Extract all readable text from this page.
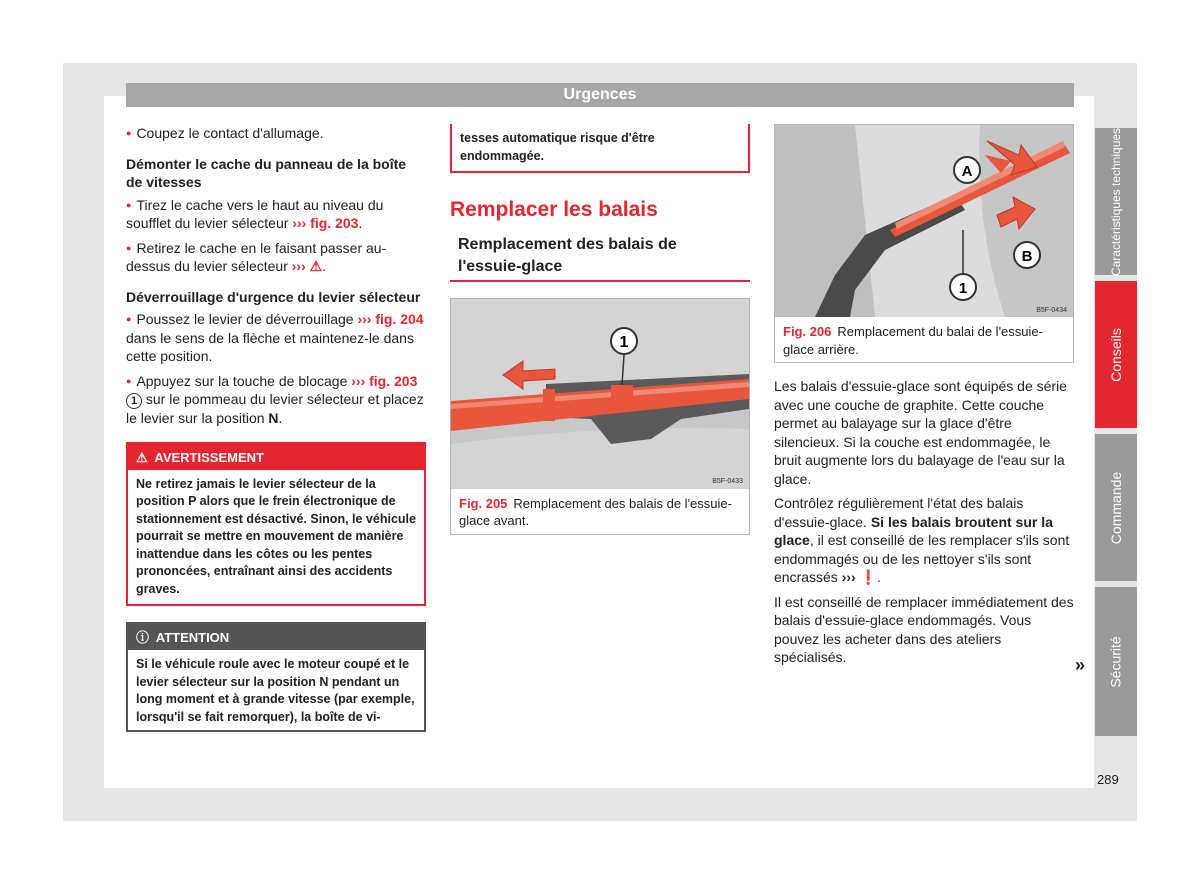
Urgences

● Coupez le contact d'allumage.

Démonter le cache du panneau de la boîte de vitesses

● Tirez le cache vers le haut au niveau du soufflet du levier sélecteur ››› fig. 203.

● Retirez le cache en le faisant passer au-dessus du levier sélecteur ››› ⚠.

Déverrouillage d'urgence du levier sélecteur

● Poussez le levier de déverrouillage ››› fig. 204 dans le sens de la flèche et maintenez-le dans cette position.

● Appuyez sur la touche de blocage ››› fig. 203 1 sur le pommeau du levier sélecteur et placez le levier sur la position N.

⚠ AVERTISSEMENT
Ne retirez jamais le levier sélecteur de la position P alors que le frein électronique de stationnement est désactivé. Sinon, le véhicule pourrait se mettre en mouvement de manière inattendue dans les côtes ou les pentes prononcées, entraînant ainsi des accidents graves.
ⓘ ATTENTION
Si le véhicule roule avec le moteur coupé et le levier sélecteur sur la position N pendant un long moment et à grande vitesse (par exemple, lorsqu'il se fait remorquer), la boîte de vi-
tesses automatique risque d'être endommagée.
Remplacer les balais
Remplacement des balais de l'essuie-glace
1
B5F-0433
Fig. 205 Remplacement des balais de l'essuie-glace avant.
A
B
1
B5F-0434
Fig. 206 Remplacement du balai de l'essuie-glace arrière.

Les balais d'essuie-glace sont équipés de série avec une couche de graphite. Cette couche permet au balayage sur la glace d'être silencieux. Si la couche est endommagée, le bruit augmente lors du balayage de l'eau sur la glace.

Contrôlez régulièrement l'état des balais d'essuie-glace. Si les balais broutent sur la glace, il est conseillé de les remplacer s'ils sont endommagés ou de les nettoyer s'ils sont encrassés ››› ❗.

Il est conseillé de remplacer immédiatement des balais d'essuie-glace endommagés. Vous pouvez les acheter dans des ateliers spécialisés.	»
Caractéristiques techniques
Conseils
Commande
Sécurité
289
